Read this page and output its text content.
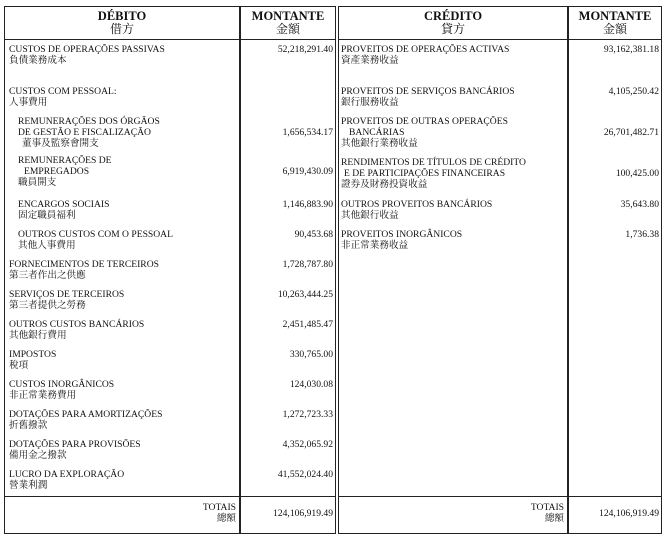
DÉBITO
借方
MONTANTE
金額
CRÉDITO
貸方
MONTANTE
金額
CUSTOS DE OPERAÇÕES PASSIVAS
負債業務成本
52,218,291.40
CUSTOS COM PESSOAL:
人事費用
REMUNERAÇÕES DOS ÓRGÃOS
DE GESTÃO E FISCALIZAÇÃO
董事及監察會開支
1,656,534.17
REMUNERAÇÕES DE
EMPREGADOS
職員開支
6,919,430.09
ENCARGOS SOCIAIS
固定職員福利
1,146,883.90
OUTROS CUSTOS COM O PESSOAL
其他人事費用
90,453.68
FORNECIMENTOS DE TERCEIROS
第三者作出之供應
1,728,787.80
SERVIÇOS DE TERCEIROS
第三者提供之勞務
10,263,444.25
OUTROS CUSTOS BANCÁRIOS
其他銀行費用
2,451,485.47
IMPOSTOS
稅項
330,765.00
CUSTOS INORGÂNICOS
非正常業務費用
124,030.08
DOTAÇÕES PARA AMORTIZAÇÕES
折舊撥款
1,272,723.33
DOTAÇÕES PARA PROVISÕES
備用金之撥款
4,352,065.92
LUCRO DA EXPLORAÇÃO
營業利潤
41,552,024.40
PROVEITOS DE OPERAÇÕES ACTIVAS
資產業務收益
93,162,381.18
PROVEITOS DE SERVIÇOS BANCÁRIOS
銀行服務收益
4,105,250.42
PROVEITOS DE OUTRAS OPERAÇÕES
BANCÁRIAS
其他銀行業務收益
26,701,482.71
RENDIMENTOS DE TÍTULOS DE CRÉDITO
E DE PARTICIPAÇÕES FINANCEIRAS
證券及財務投資收益
100,425.00
OUTROS PROVEITOS BANCÁRIOS
其他銀行收益
35,643.80
PROVEITOS INORGÂNICOS
非正常業務收益
1,736.38
TOTAIS
總額	124,106,919.49
TOTAIS
總額	124,106,919.49
